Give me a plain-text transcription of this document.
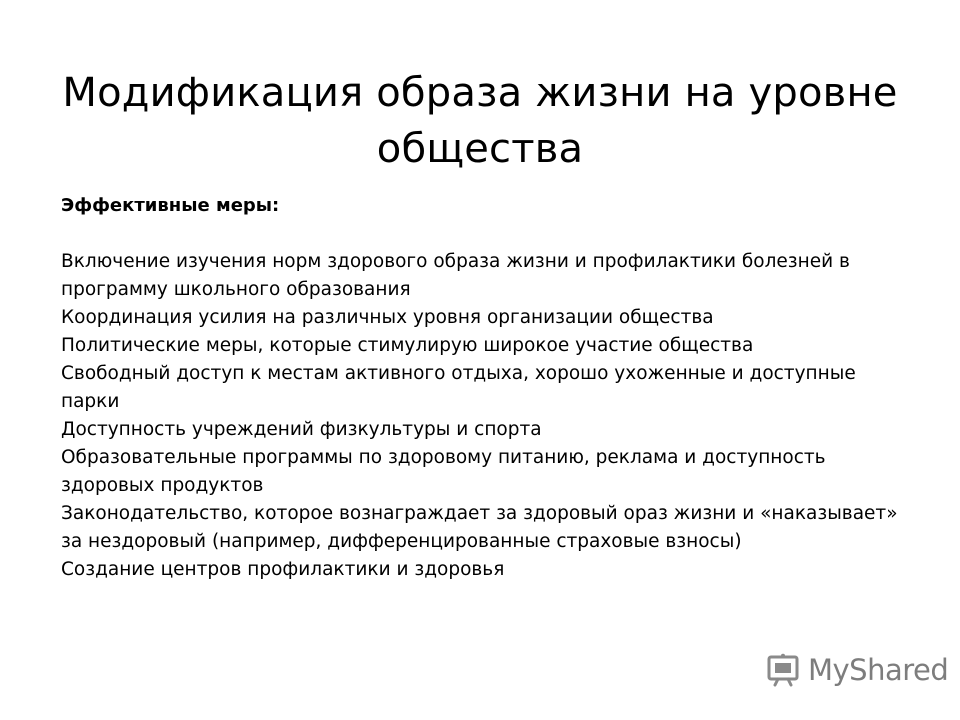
Модификация образа жизни на уровне общества
Эффективные меры:
Включение изучения норм здорового образа жизни и профилактики болезней в программу школьного образования
Координация усилия на различных уровня организации общества
Политические меры, которые стимулирую широкое участие общества
Свободный доступ к местам активного отдыха, хорошо ухоженные и доступные парки
Доступность учреждений физкультуры и спорта
Образовательные программы по здоровому питанию, реклама и доступность здоровых продуктов
Законодательство, которое вознаграждает за здоровый ораз жизни и «наказывает» за нездоровый (например, дифференцированные страховые взносы)
Создание центров профилактики и здоровья
MyShared
